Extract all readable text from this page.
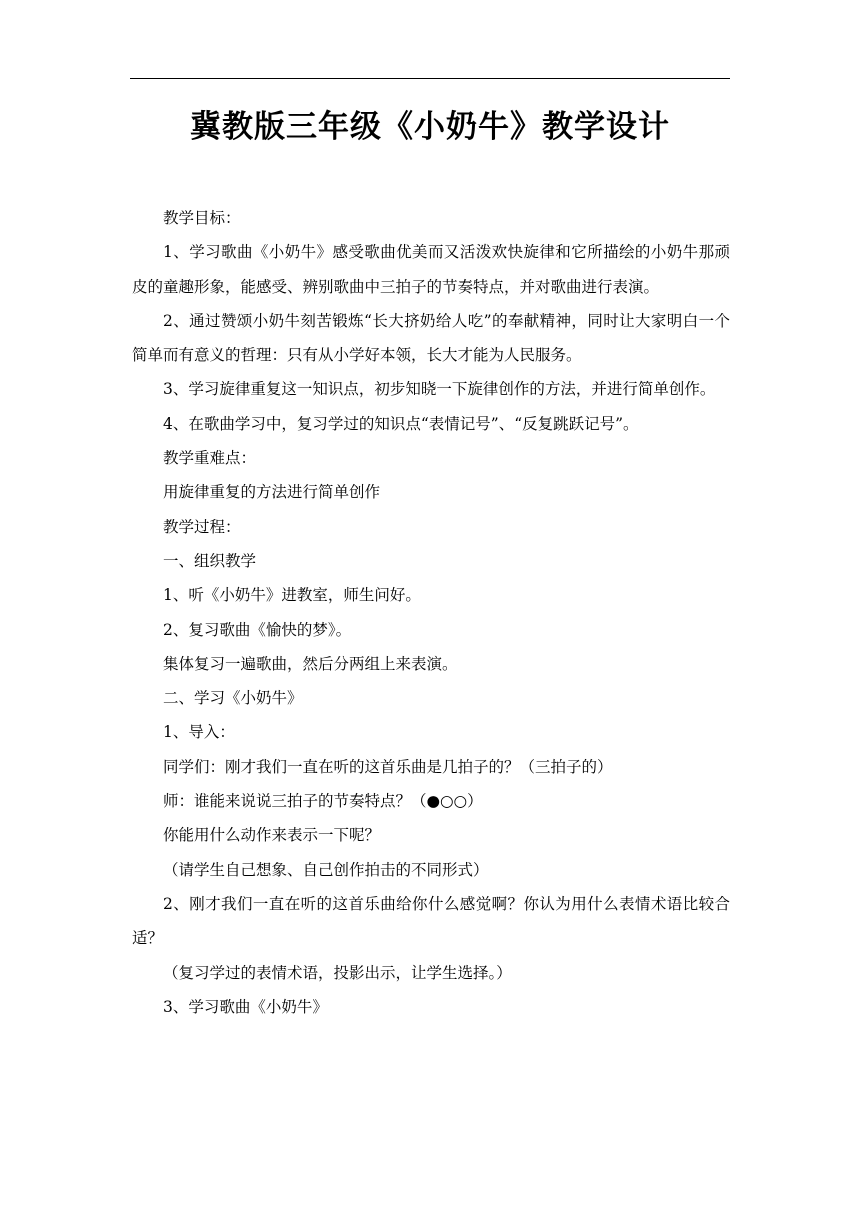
冀教版三年级《小奶牛》教学设计

教学目标：

1、学习歌曲《小奶牛》感受歌曲优美而又活泼欢快旋律和它所描绘的小奶牛那顽皮的童趣形象，能感受、辨别歌曲中三拍子的节奏特点，并对歌曲进行表演。

2、通过赞颂小奶牛刻苦锻炼“长大挤奶给人吃”的奉献精神，同时让大家明白一个简单而有意义的哲理：只有从小学好本领，长大才能为人民服务。

3、学习旋律重复这一知识点，初步知晓一下旋律创作的方法，并进行简单创作。

4、在歌曲学习中，复习学过的知识点“表情记号”、“反复跳跃记号”。

教学重难点：

用旋律重复的方法进行简单创作

教学过程：

一、组织教学

1、听《小奶牛》进教室，师生问好。

2、复习歌曲《愉快的梦》。

集体复习一遍歌曲，然后分两组上来表演。

二、学习《小奶牛》

1、导入：

同学们：刚才我们一直在听的这首乐曲是几拍子的？（三拍子的）

师：谁能来说说三拍子的节奏特点？（●○○）

你能用什么动作来表示一下呢？

（请学生自己想象、自己创作拍击的不同形式）

2、刚才我们一直在听的这首乐曲给你什么感觉啊？你认为用什么表情术语比较合适？

（复习学过的表情术语，投影出示，让学生选择。）

3、学习歌曲《小奶牛》
